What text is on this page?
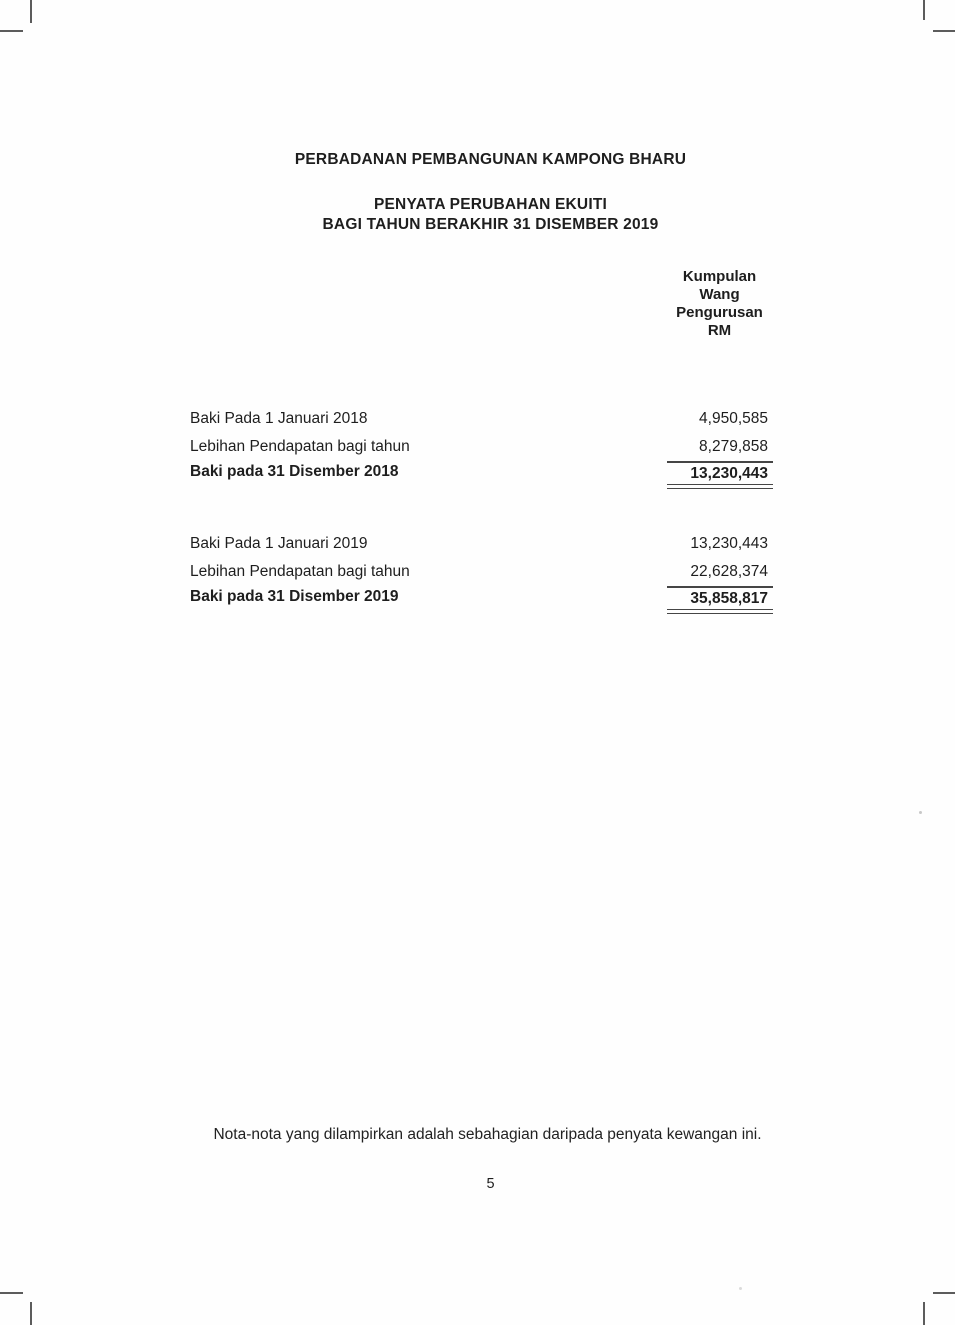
PERBADANAN PEMBANGUNAN KAMPONG BHARU
PENYATA PERUBAHAN EKUITI
BAGI TAHUN BERAKHIR 31 DISEMBER 2019
Kumpulan
Wang
Pengurusan
RM
Baki Pada 1 Januari 2018	4,950,585
Lebihan Pendapatan bagi tahun	8,279,858
Baki pada 31 Disember 2018	13,230,443
Baki Pada 1 Januari 2019	13,230,443
Lebihan Pendapatan bagi tahun	22,628,374
Baki pada 31 Disember 2019	35,858,817
Nota-nota yang dilampirkan adalah sebahagian daripada penyata kewangan ini.
5
